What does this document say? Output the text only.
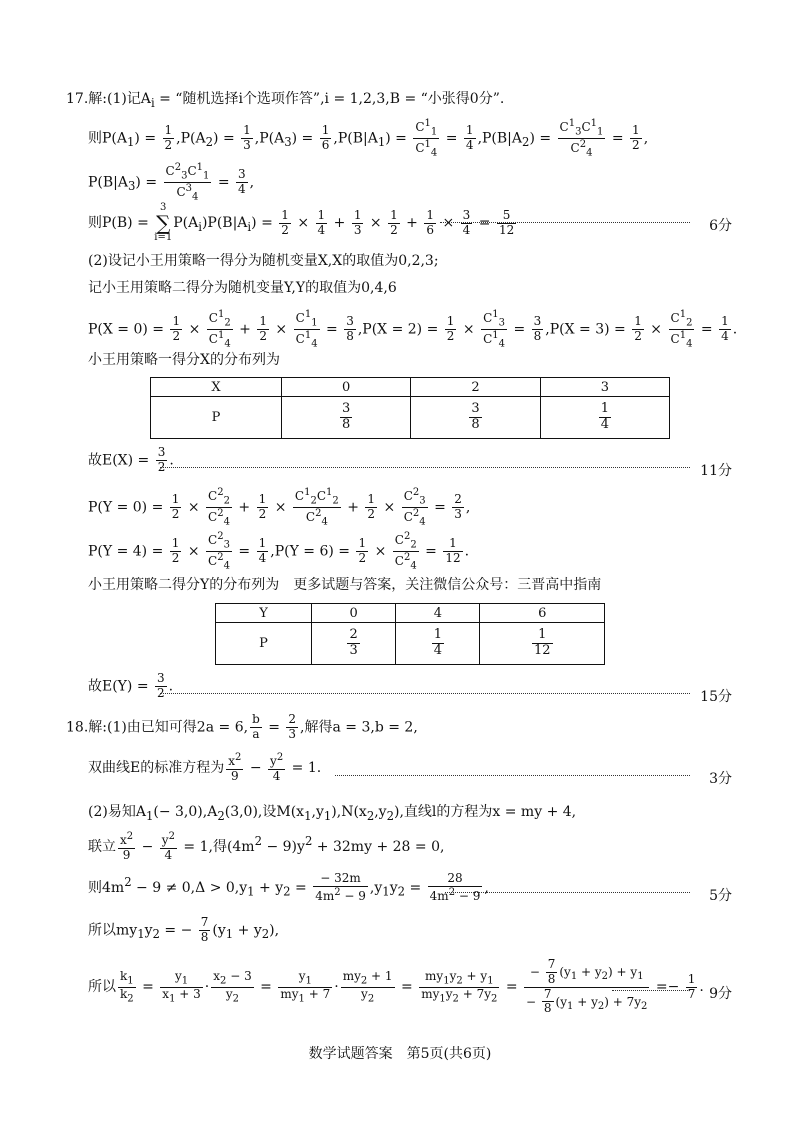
17.解:(1)记$A_i$ = “随机选择i个选项作答”,i = 1,2,3,B = “小张得0分”.
则$P(A_1) = \frac{1}{2} ,P(A_2) = \frac{1}{3} ,P(A_3) = \frac{1}{6} ,P(B|A_1) = \frac{C^1_1}{C^1_4} = \frac{1}{4} ,P(B|A_2) = \frac{C^1_3C^1_1}{C^2_4} = \frac{1}{2}$ ,
$P(B|A_3) = \frac{C^2_3C^1_1}{C^3_4} = \frac{3}{4}$ ,
则P(B) =
3
∑
i=1
$P(A_i)P(B|A_i) = \frac{1}{2} \times \frac{1}{4} + \frac{1}{3} \times \frac{1}{2} + \frac{1}{6} \times \frac{3}{4} = \frac{5}{12}$	6分
(2)设记小王用策略一得分为随机变量X,X的取值为0,2,3;
记小王用策略二得分为随机变量Y,Y的取值为0,4,6
$P(X = 0) = \frac{1}{2} \times \frac{C^1_2}{C^1_4} + \frac{1}{2} \times \frac{C^1_1}{C^1_4} = \frac{3}{8} ,P(X = 2) = \frac{1}{2} \times \frac{C^1_3}{C^1_4} = \frac{3}{8} ,P(X = 3) = \frac{1}{2} \times \frac{C^1_2}{C^1_4} = \frac{1}{4}$ .
小王用策略一得分X的分布列为
X	0	2	3
P	$\frac{3}{8}$	$\frac{3}{8}$	$\frac{1}{4}$
故$E(X) = \frac{3}{2}$ .
11分
$P(Y = 0) = \frac{1}{2} \times \frac{C^2_2}{C^2_4} + \frac{1}{2} \times \frac{C^1_2C^1_2}{C^2_4} + \frac{1}{2} \times \frac{C^2_3}{C^2_4} = \frac{2}{3}$ ,
$P(Y = 4) = \frac{1}{2} \times \frac{C^2_3}{C^2_4} = \frac{1}{4} ,P(Y = 6) = \frac{1}{2} \times \frac{C^2_2}{C^2_4} = \frac{1}{12}$ .
小王用策略二得分Y的分布列为　更多试题与答案，关注微信公众号：三晋高中指南
Y	0	4	6
P	$\frac{2}{3}$	$\frac{1}{4}$	$\frac{1}{12}$
故$E(Y) = \frac{3}{2}$ .
15分
18.解:(1)由已知可得2a = 6, $\frac{b}{a} = \frac{2}{3}$ ,解得a = 3,b = 2,
双曲线E的标准方程为 $\frac{x^2}{9} - \frac{y^2}{4} = 1$.
3分
(2)易知$A_1(- 3,0),A_2(3,0)$,设$M(x_1,y_1),N(x_2,y_2)$,直线l的方程为x = my + 4,
联立 $\frac{x^2}{9} - \frac{y^2}{4} = 1$,得$(4m^2 - 9)y^2 + 32my + 28 = 0$,
则$4m^2 - 9 \ne 0,\Delta > 0,y_1 + y_2 = \frac{- 32m}{4m^2 - 9} ,y_1y_2 = \frac{28}{4m^2 - 9}$ ,
5分
所以$my_1y_2$ = − $\frac{7}{8} (y_1 + y_2)$,
所以 $\frac{k_1}{k_2} = \frac{y_1}{x_1 + 3} \cdot \frac{x_2 - 3}{y_2} = \frac{y_1}{my_1 + 7} \cdot \frac{my_2 + 1}{y_2} = \frac{my_1y_2 + y_1}{my_1y_2 + 7y_2} = \frac{- \frac{7}{8} (y_1 + y_2) + y_1}{- \frac{7}{8} (y_1 + y_2) + 7y_2} =- \frac{1}{7}$ . 9分
数学试题答案　第5页(共6页)
